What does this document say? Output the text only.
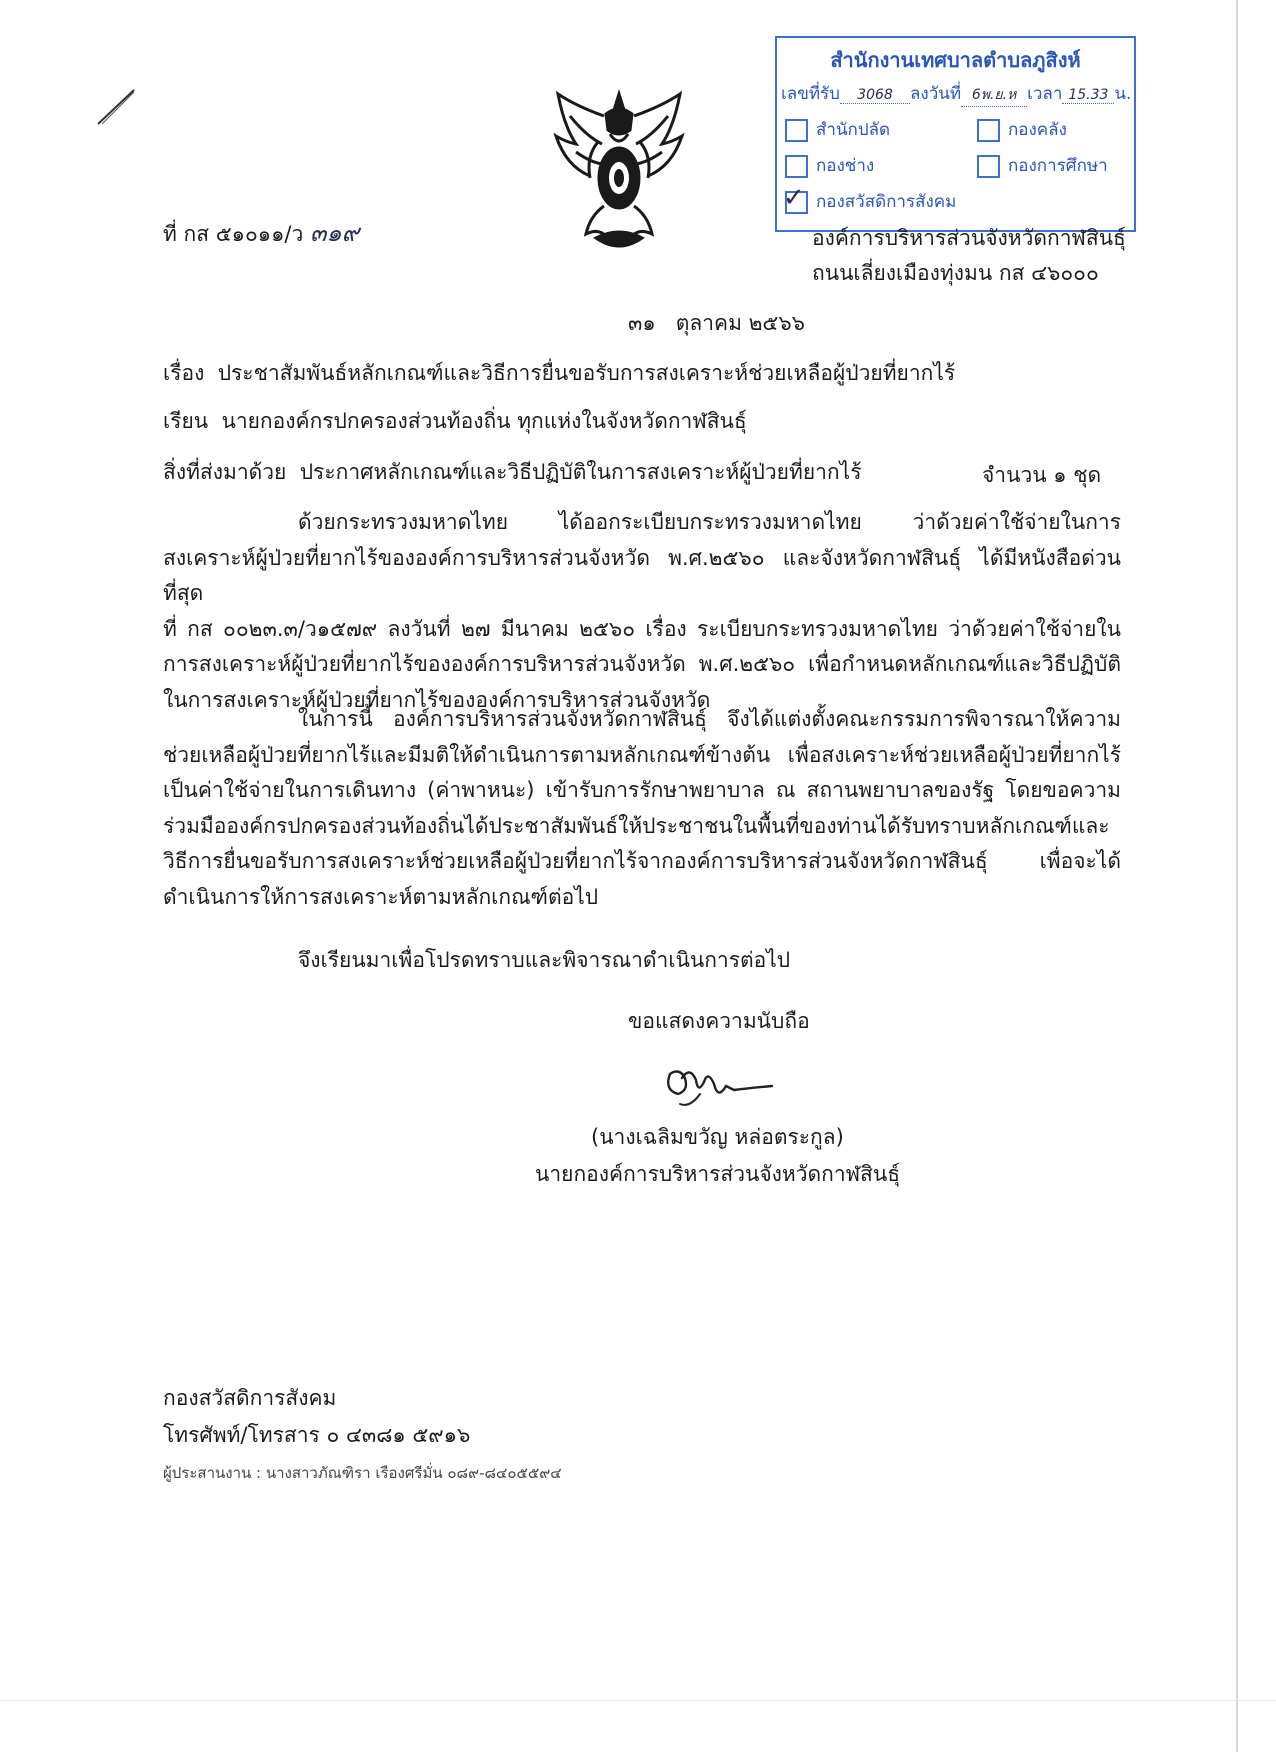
สำนักงานเทศบาลตำบลภูสิงห์
เลขที่รับ 3068 ลงวันที่ 6พ.ย.ห เวลา 15.33 น.
สำนักปลัด	กองคลัง
กองช่าง	กองการศึกษา
✓ กองสวัสดิการสังคม
ที่ กส ๕๑๐๑๑/ว ๓๑๙	องค์การบริหารส่วนจังหวัดกาฬสินธุ์
ถนนเลี่ยงเมืองทุ่งมน กส ๔๖๐๐๐
๓๑ ตุลาคม ๒๕๖๖
เรื่อง ประชาสัมพันธ์หลักเกณฑ์และวิธีการยื่นขอรับการสงเคราะห์ช่วยเหลือผู้ป่วยที่ยากไร้
เรียน นายกองค์กรปกครองส่วนท้องถิ่น ทุกแห่งในจังหวัดกาฬสินธุ์
สิ่งที่ส่งมาด้วย ประกาศหลักเกณฑ์และวิธีปฏิบัติในการสงเคราะห์ผู้ป่วยที่ยากไร้	จำนวน ๑ ชุด
ด้วยกระทรวงมหาดไทย ได้ออกระเบียบกระทรวงมหาดไทย ว่าด้วยค่าใช้จ่ายในการ
สงเคราะห์ผู้ป่วยที่ยากไร้ขององค์การบริหารส่วนจังหวัด พ.ศ.๒๕๖๐ และจังหวัดกาฬสินธุ์ ได้มีหนังสือด่วนที่สุด
ที่ กส ๐๐๒๓.๓/ว๑๕๗๙ ลงวันที่ ๒๗ มีนาคม ๒๕๖๐ เรื่อง ระเบียบกระทรวงมหาดไทย ว่าด้วยค่าใช้จ่ายใน
การสงเคราะห์ผู้ป่วยที่ยากไร้ขององค์การบริหารส่วนจังหวัด พ.ศ.๒๕๖๐ เพื่อกำหนดหลักเกณฑ์และวิธีปฏิบัติ
ในการสงเคราะห์ผู้ป่วยที่ยากไร้ขององค์การบริหารส่วนจังหวัด
ในการนี้ องค์การบริหารส่วนจังหวัดกาฬสินธุ์ จึงได้แต่งตั้งคณะกรรมการพิจารณาให้ความ
ช่วยเหลือผู้ป่วยที่ยากไร้และมีมติให้ดำเนินการตามหลักเกณฑ์ข้างต้น เพื่อสงเคราะห์ช่วยเหลือผู้ป่วยที่ยากไร้
เป็นค่าใช้จ่ายในการเดินทาง (ค่าพาหนะ) เข้ารับการรักษาพยาบาล ณ สถานพยาบาลของรัฐ โดยขอความ
ร่วมมือองค์กรปกครองส่วนท้องถิ่นได้ประชาสัมพันธ์ให้ประชาชนในพื้นที่ของท่านได้รับทราบหลักเกณฑ์และ
วิธีการยื่นขอรับการสงเคราะห์ช่วยเหลือผู้ป่วยที่ยากไร้จากองค์การบริหารส่วนจังหวัดกาฬสินธุ์ เพื่อจะได้
ดำเนินการให้การสงเคราะห์ตามหลักเกณฑ์ต่อไป
จึงเรียนมาเพื่อโปรดทราบและพิจารณาดำเนินการต่อไป
ขอแสดงความนับถือ
(นางเฉลิมขวัญ หล่อตระกูล)
นายกองค์การบริหารส่วนจังหวัดกาฬสินธุ์
กองสวัสดิการสังคม
โทรศัพท์/โทรสาร ๐ ๔๓๘๑ ๕๙๑๖
ผู้ประสานงาน : นางสาวภัณฑิรา เรืองศรีมั่น ๐๘๙-๘๔๐๕๕๙๔
